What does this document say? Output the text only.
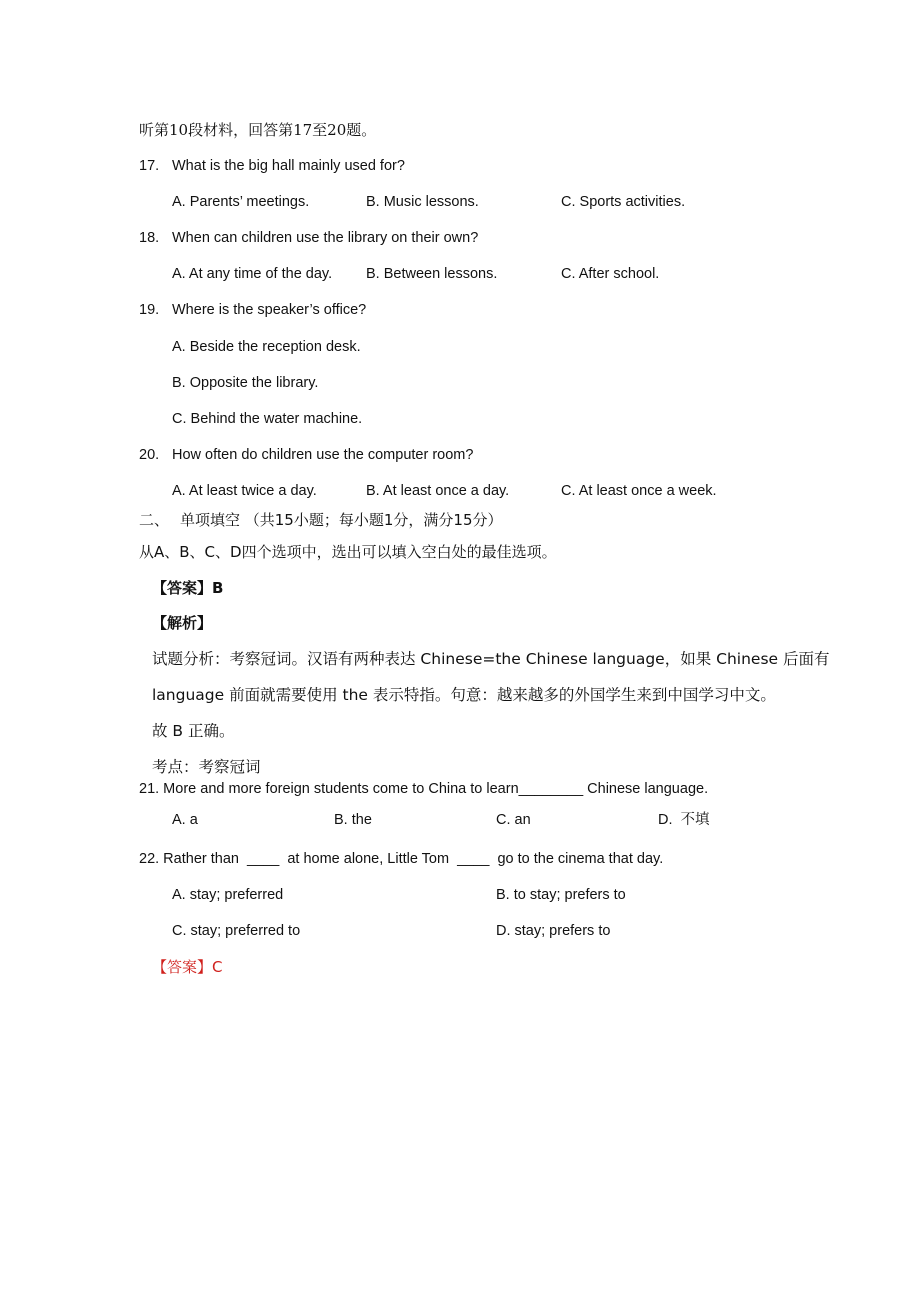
听第10段材料，回答第17至20题。
17. What is the big hall mainly used for?
A. Parents’ meetings.	B. Music lessons.	C. Sports activities.
18. When can children use the library on their own?
A. At any time of the day. B. Between lessons.	C. After school.
19. Where is the speaker’s office?
A. Beside the reception desk.
B. Opposite the library.
C. Behind the water machine.
20. How often do children use the computer room?
A. At least twice a day.	B. At least once a day.	C. At least once a week.
二、 单项填空 （共15小题；每小题1分，满分15分）
从A、B、C、D四个选项中，选出可以填入空白处的最佳选项。
【答案】B
【解析】
试题分析：考察冠词。汉语有两种表达 Chinese=the Chinese language，如果 Chinese 后面有
language 前面就需要使用 the 表示特指。句意：越来越多的外国学生来到中国学习中文。
故 B 正确。
考点：考察冠词
21. More and more foreign students come to China to learn________ Chinese language.
A. a	B. the	C. an	D.  不填
22. Rather than  ____  at home alone, Little Tom  ____  go to the cinema that day.
A. stay; preferred	B. to stay; prefers to
C. stay; preferred to	D. stay; prefers to
【答案】C
